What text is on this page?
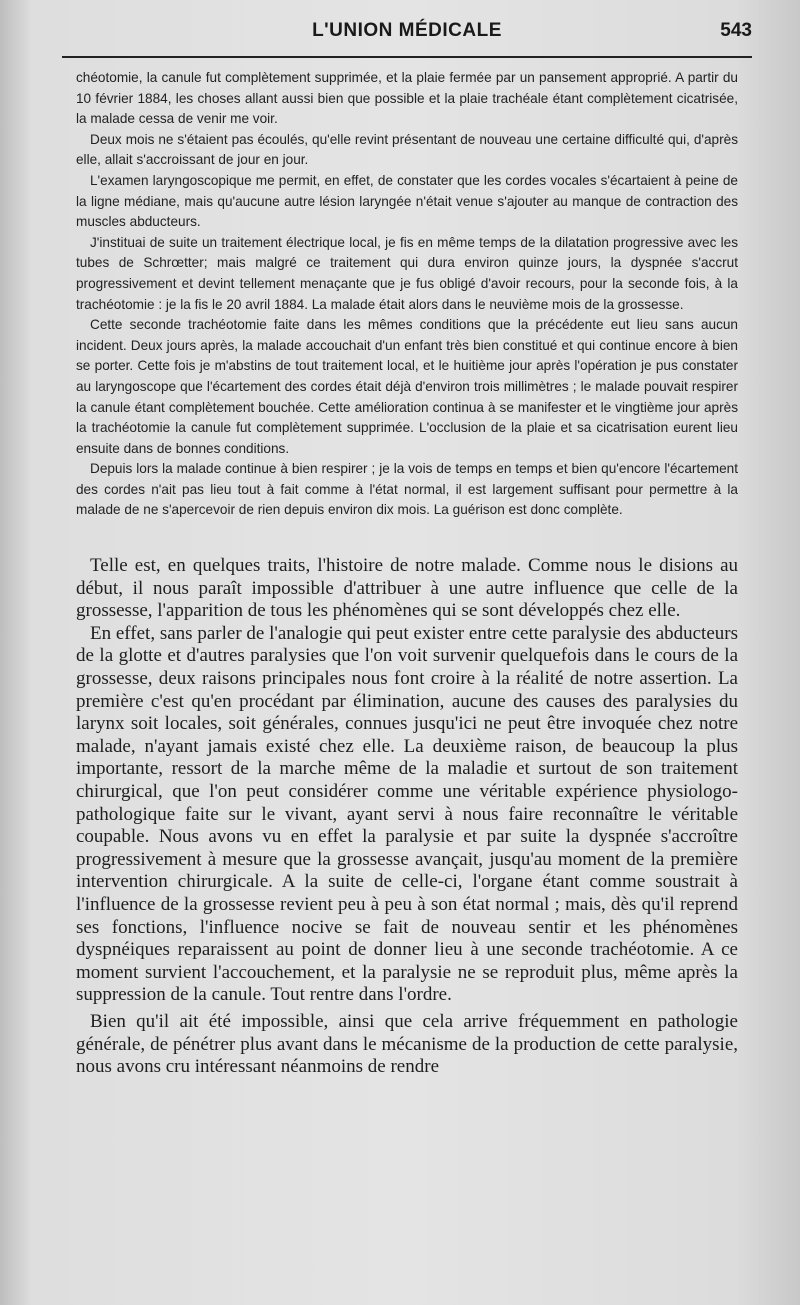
L'UNION MÉDICALE	543

chéotomie, la canule fut complètement supprimée, et la plaie fermée par un pansement approprié. A partir du 10 février 1884, les choses allant aussi bien que possible et la plaie trachéale étant complètement cicatrisée, la malade cessa de venir me voir.

Deux mois ne s'étaient pas écoulés, qu'elle revint présentant de nouveau une certaine difficulté qui, d'après elle, allait s'accroissant de jour en jour.

L'examen laryngoscopique me permit, en effet, de constater que les cordes vocales s'écartaient à peine de la ligne médiane, mais qu'aucune autre lésion laryngée n'était venue s'ajouter au manque de contraction des muscles abducteurs.

J'instituai de suite un traitement électrique local, je fis en même temps de la dilatation progressive avec les tubes de Schrœtter; mais malgré ce traitement qui dura environ quinze jours, la dyspnée s'accrut progressivement et devint tellement menaçante que je fus obligé d'avoir recours, pour la seconde fois, à la trachéotomie : je la fis le 20 avril 1884. La malade était alors dans le neuvième mois de la grossesse.

Cette seconde trachéotomie faite dans les mêmes conditions que la précédente eut lieu sans aucun incident. Deux jours après, la malade accouchait d'un enfant très bien constitué et qui continue encore à bien se porter. Cette fois je m'abstins de tout traitement local, et le huitième jour après l'opération je pus constater au laryngoscope que l'écartement des cordes était déjà d'environ trois millimètres ; le malade pouvait respirer la canule étant complètement bouchée. Cette amélioration continua à se manifester et le vingtième jour après la trachéotomie la canule fut complètement supprimée. L'occlusion de la plaie et sa cicatrisation eurent lieu ensuite dans de bonnes conditions.

Depuis lors la malade continue à bien respirer ; je la vois de temps en temps et bien qu'encore l'écartement des cordes n'ait pas lieu tout à fait comme à l'état normal, il est largement suffisant pour permettre à la malade de ne s'apercevoir de rien depuis environ dix mois. La guérison est donc complète.

Telle est, en quelques traits, l'histoire de notre malade. Comme nous le disions au début, il nous paraît impossible d'attribuer à une autre influence que celle de la grossesse, l'apparition de tous les phénomènes qui se sont développés chez elle.

En effet, sans parler de l'analogie qui peut exister entre cette paralysie des abducteurs de la glotte et d'autres paralysies que l'on voit survenir quelquefois dans le cours de la grossesse, deux raisons principales nous font croire à la réalité de notre assertion. La première c'est qu'en procédant par élimination, aucune des causes des paralysies du larynx soit locales, soit générales, connues jusqu'ici ne peut être invoquée chez notre malade, n'ayant jamais existé chez elle. La deuxième raison, de beaucoup la plus importante, ressort de la marche même de la maladie et surtout de son traitement chirurgical, que l'on peut considérer comme une véritable expérience physiologo-pathologique faite sur le vivant, ayant servi à nous faire reconnaître le véritable coupable. Nous avons vu en effet la paralysie et par suite la dyspnée s'accroître progressivement à mesure que la grossesse avançait, jusqu'au moment de la première intervention chirurgicale. A la suite de celle-ci, l'organe étant comme soustrait à l'influence de la grossesse revient peu à peu à son état normal ; mais, dès qu'il reprend ses fonctions, l'influence nocive se fait de nouveau sentir et les phénomènes dyspnéiques reparaissent au point de donner lieu à une seconde trachéotomie. A ce moment survient l'accouchement, et la paralysie ne se reproduit plus, même après la suppression de la canule. Tout rentre dans l'ordre.

Bien qu'il ait été impossible, ainsi que cela arrive fréquemment en pathologie générale, de pénétrer plus avant dans le mécanisme de la production de cette paralysie, nous avons cru intéressant néanmoins de rendre
